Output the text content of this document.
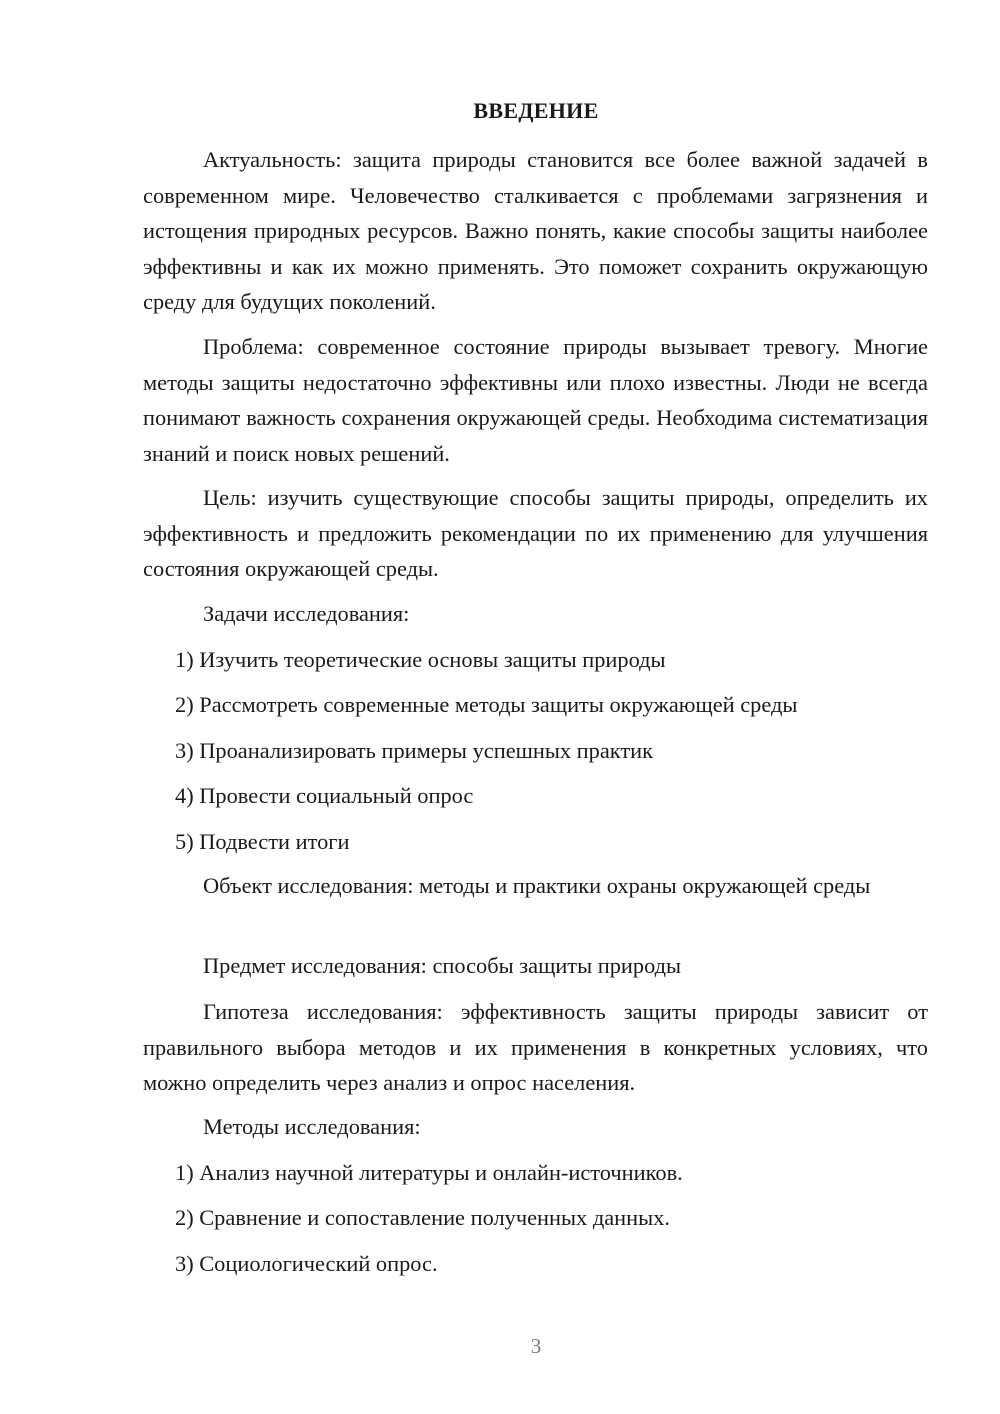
ВВЕДЕНИЕ

Актуальность: защита природы становится все более важной задачей в современном мире. Человечество сталкивается с проблемами загрязнения и истощения природных ресурсов. Важно понять, какие способы защиты наиболее эффективны и как их можно применять. Это поможет сохранить окружающую среду для будущих поколений.

Проблема: современное состояние природы вызывает тревогу. Многие методы защиты недостаточно эффективны или плохо известны. Люди не всегда понимают важность сохранения окружающей среды. Необходима систематизация знаний и поиск новых решений.

Цель: изучить существующие способы защиты природы, определить их эффективность и предложить рекомендации по их применению для улучшения состояния окружающей среды.

Задачи исследования:

1) Изучить теоретические основы защиты природы

2) Рассмотреть современные методы защиты окружающей среды

3) Проанализировать примеры успешных практик

4) Провести социальный опрос

5) Подвести итоги

Объект исследования: методы и практики охраны окружающей среды

Предмет исследования: способы защиты природы

Гипотеза исследования: эффективность защиты природы зависит от правильного выбора методов и их применения в конкретных условиях, что можно определить через анализ и опрос населения.

Методы исследования:

1) Анализ научной литературы и онлайн-источников.

2) Сравнение и сопоставление полученных данных.

3) Социологический опрос.

3
